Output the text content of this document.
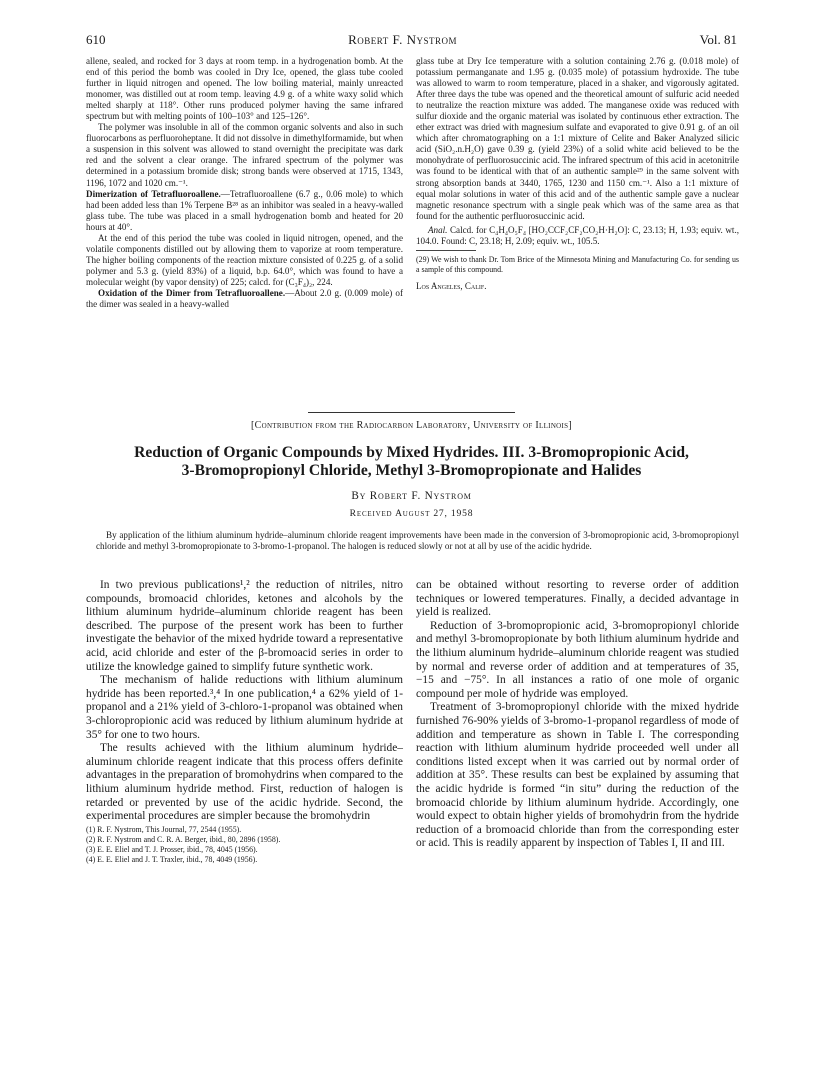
610	Robert F. Nystrom	Vol. 81

allene, sealed, and rocked for 3 days at room temp. in a hydrogenation bomb. At the end of this period the bomb was cooled in Dry Ice, opened, the glass tube cooled further in liquid nitrogen and opened. The low boiling material, mainly unreacted monomer, was distilled out at room temp. leaving 4.9 g. of a white waxy solid which melted sharply at 118°. Other runs produced polymer having the same infrared spectrum but with melting points of 100–103° and 125–126°.

The polymer was insoluble in all of the common organic solvents and also in such fluorocarbons as perfluoroheptane. It did not dissolve in dimethylformamide, but when a suspension in this solvent was allowed to stand overnight the precipitate was dark red and the solvent a clear orange. The infrared spectrum of the polymer was determined in a potassium bromide disk; strong bands were observed at 1715, 1343, 1196, 1072 and 1020 cm.⁻¹.

Dimerization of Tetrafluoroallene.—Tetrafluoroallene (6.7 g., 0.06 mole) to which had been added less than 1% Terpene B²⁸ as an inhibitor was sealed in a heavy-walled glass tube. The tube was placed in a small hydrogenation bomb and heated for 20 hours at 40°.

At the end of this period the tube was cooled in liquid nitrogen, opened, and the volatile components distilled out by allowing them to vaporize at room temperature. The higher boiling components of the reaction mixture consisted of 0.225 g. of a solid polymer and 5.3 g. (yield 83%) of a liquid, b.p. 64.0°, which was found to have a molecular weight (by vapor density) of 225; calcd. for (C₃F₄)₂, 224.

Oxidation of the Dimer from Tetrafluoroallene.—About 2.0 g. (0.009 mole) of the dimer was sealed in a heavy-walled

glass tube at Dry Ice temperature with a solution containing 2.76 g. (0.018 mole) of potassium permanganate and 1.95 g. (0.035 mole) of potassium hydroxide. The tube was allowed to warm to room temperature, placed in a shaker, and vigorously agitated. After three days the tube was opened and the theoretical amount of sulfuric acid needed to neutralize the reaction mixture was added. The manganese oxide was reduced with sulfur dioxide and the organic material was isolated by continuous ether extraction. The ether extract was dried with magnesium sulfate and evaporated to give 0.91 g. of an oil which after chromatographing on a 1:1 mixture of Celite and Baker Analyzed silicic acid (SiO₂.n.H₂O) gave 0.39 g. (yield 23%) of a solid white acid believed to be the monohydrate of perfluorosuccinic acid. The infrared spectrum of this acid in acetonitrile was found to be identical with that of an authentic sample²⁹ in the same solvent with strong absorption bands at 3440, 1765, 1230 and 1150 cm.⁻¹. Also a 1:1 mixture of equal molar solutions in water of this acid and of the authentic sample gave a nuclear magnetic resonance spectrum with a single peak which was of the same area as that found for the authentic perfluorosuccinic acid.

Anal. Calcd. for C₄H₄O₅F₄ [HO₂CCF₂CF₂CO₂H·H₂O]: C, 23.13; H, 1.93; equiv. wt., 104.0. Found: C, 23.18; H, 2.09; equiv. wt., 105.5.

(29) We wish to thank Dr. Tom Brice of the Minnesota Mining and Manufacturing Co. for sending us a sample of this compound.
Los Angeles, Calif.
[Contribution from the Radiocarbon Laboratory, University of Illinois]
Reduction of Organic Compounds by Mixed Hydrides. III. 3-Bromopropionic Acid,
3-Bromopropionyl Chloride, Methyl 3-Bromopropionate and Halides
By Robert F. Nystrom
Received August 27, 1958
By application of the lithium aluminum hydride–aluminum chloride reagent improvements have been made in the conversion of 3-bromopropionic acid, 3-bromopropionyl chloride and methyl 3-bromopropionate to 3-bromo-1-propanol. The halogen is reduced slowly or not at all by use of the acidic hydride.

In two previous publications¹,² the reduction of nitriles, nitro compounds, bromoacid chlorides, ketones and alcohols by the lithium aluminum hydride–aluminum chloride reagent has been described. The purpose of the present work has been to further investigate the behavior of the mixed hydride toward a representative acid, acid chloride and ester of the β-bromoacid series in order to utilize the knowledge gained to simplify future synthetic work.

The mechanism of halide reductions with lithium aluminum hydride has been reported.³,⁴ In one publication,⁴ a 62% yield of 1-propanol and a 21% yield of 3-chloro-1-propanol was obtained when 3-chloropropionic acid was reduced by lithium aluminum hydride at 35° for one to two hours.

The results achieved with the lithium aluminum hydride–aluminum chloride reagent indicate that this process offers definite advantages in the preparation of bromohydrins when compared to the lithium aluminum hydride method. First, reduction of halogen is retarded or prevented by use of the acidic hydride. Second, the experimental procedures are simpler because the bromohydrin

(1) R. F. Nystrom, This Journal, 77, 2544 (1955).
(2) R. F. Nystrom and C. R. A. Berger, ibid., 80, 2896 (1958).
(3) E. E. Eliel and T. J. Prosser, ibid., 78, 4045 (1956).
(4) E. E. Eliel and J. T. Traxler, ibid., 78, 4049 (1956).

can be obtained without resorting to reverse order of addition techniques or lowered temperatures. Finally, a decided advantage in yield is realized.

Reduction of 3-bromopropionic acid, 3-bromopropionyl chloride and methyl 3-bromopropionate by both lithium aluminum hydride and the lithium aluminum hydride–aluminum chloride reagent was studied by normal and reverse order of addition and at temperatures of 35, −15 and −75°. In all instances a ratio of one mole of organic compound per mole of hydride was employed.

Treatment of 3-bromopropionyl chloride with the mixed hydride furnished 76-90% yields of 3-bromo-1-propanol regardless of mode of addition and temperature as shown in Table I. The corresponding reaction with lithium aluminum hydride proceeded well under all conditions listed except when it was carried out by normal order of addition at 35°. These results can best be explained by assuming that the acidic hydride is formed “in situ” during the reduction of the bromoacid chloride by lithium aluminum hydride. Accordingly, one would expect to obtain higher yields of bromohydrin from the hydride reduction of a bromoacid chloride than from the corresponding ester or acid. This is readily apparent by inspection of Tables I, II and III.
